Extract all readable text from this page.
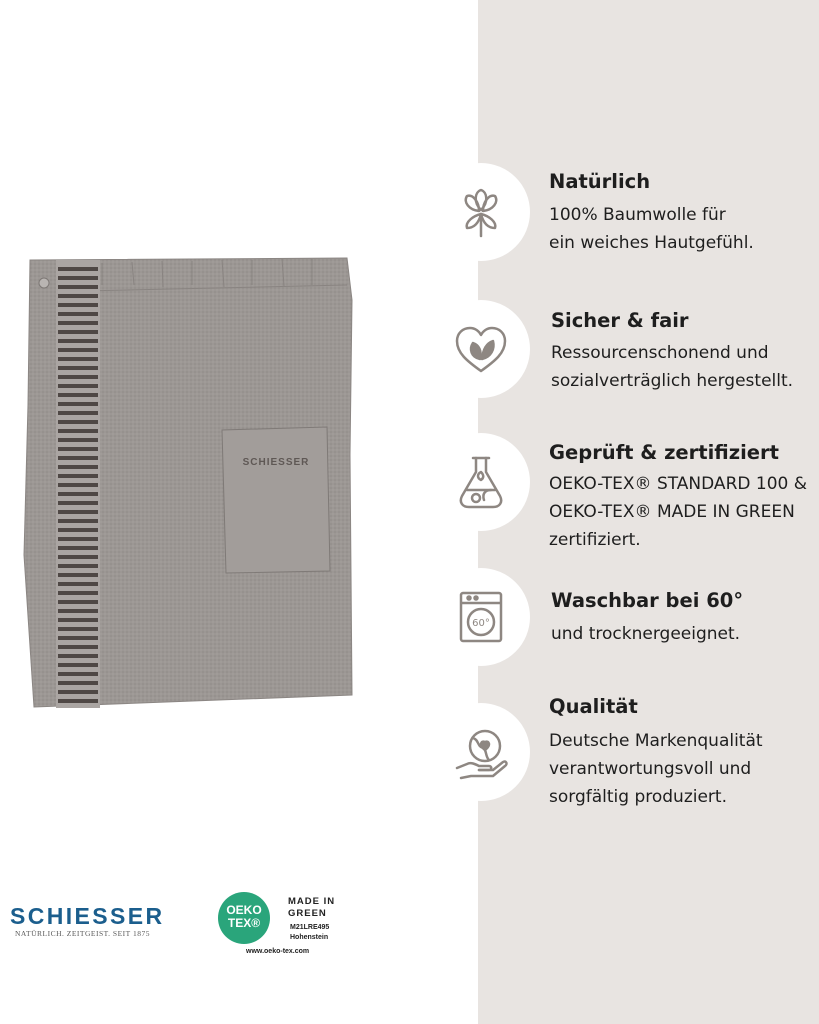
SCHIESSER
60°
Natürlich
100% Baumwolle für
ein weiches Hautgefühl.
Sicher & fair
Ressourcenschonend und
sozialverträglich hergestellt.
Geprüft & zertifiziert
OEKO-TEX® STANDARD 100 &
OEKO-TEX® MADE IN GREEN
zertifiziert.
Waschbar bei 60°
und trocknergeeignet.
Qualität
Deutsche Markenqualität
verantwortungsvoll und
sorgfältig produziert.
SCHIESSER
NATÜRLICH. ZEITGEIST. SEIT 1875
OEKO
TEX®
MADE IN
GREEN
M21LRE495
Hohenstein
www.oeko-tex.com
